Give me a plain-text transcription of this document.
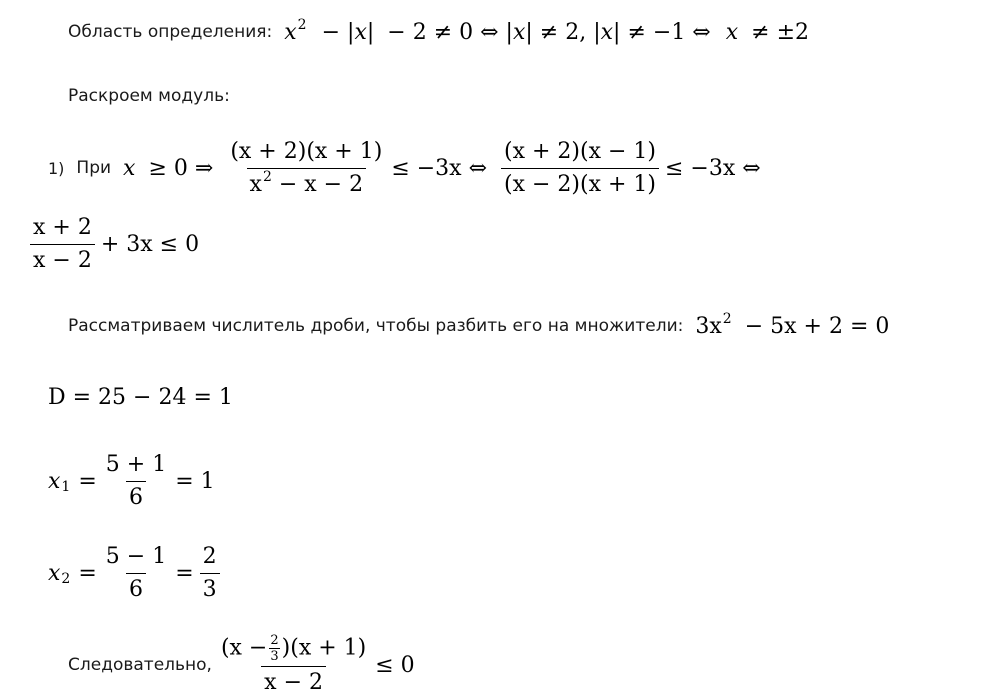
Область определения: $x^2 - |x| - 2 \ne 0$ ⇔ |x| ≠ 2, |x| ≠ −1 ⇔ x ≠ ±2
Раскроем модуль:
1) При x ≥ 0 ⇒ $\frac{(x + 2)(x + 1)}{x^2 - x - 2} \le -3x$ ⇔ $\frac{(x + 2)(x - 1)}{(x - 2)(x + 1)} \le -3x$ ⇔
$\frac{x + 2}{x - 2} + 3x \le 0$
Рассматриваем числитель дроби, чтобы разбить его на множители: $3x^2 - 5x + 2 = 0$
D = 25 − 24 = 1
x $1 = \frac{5 + 1}{6} = 1$
x $2 = \frac{5 - 1}{6} = \frac{2}{3}$
Следовательно, $\frac{(x - \frac{2}{3} )(x + 1)}{x - 2} \le 0$
